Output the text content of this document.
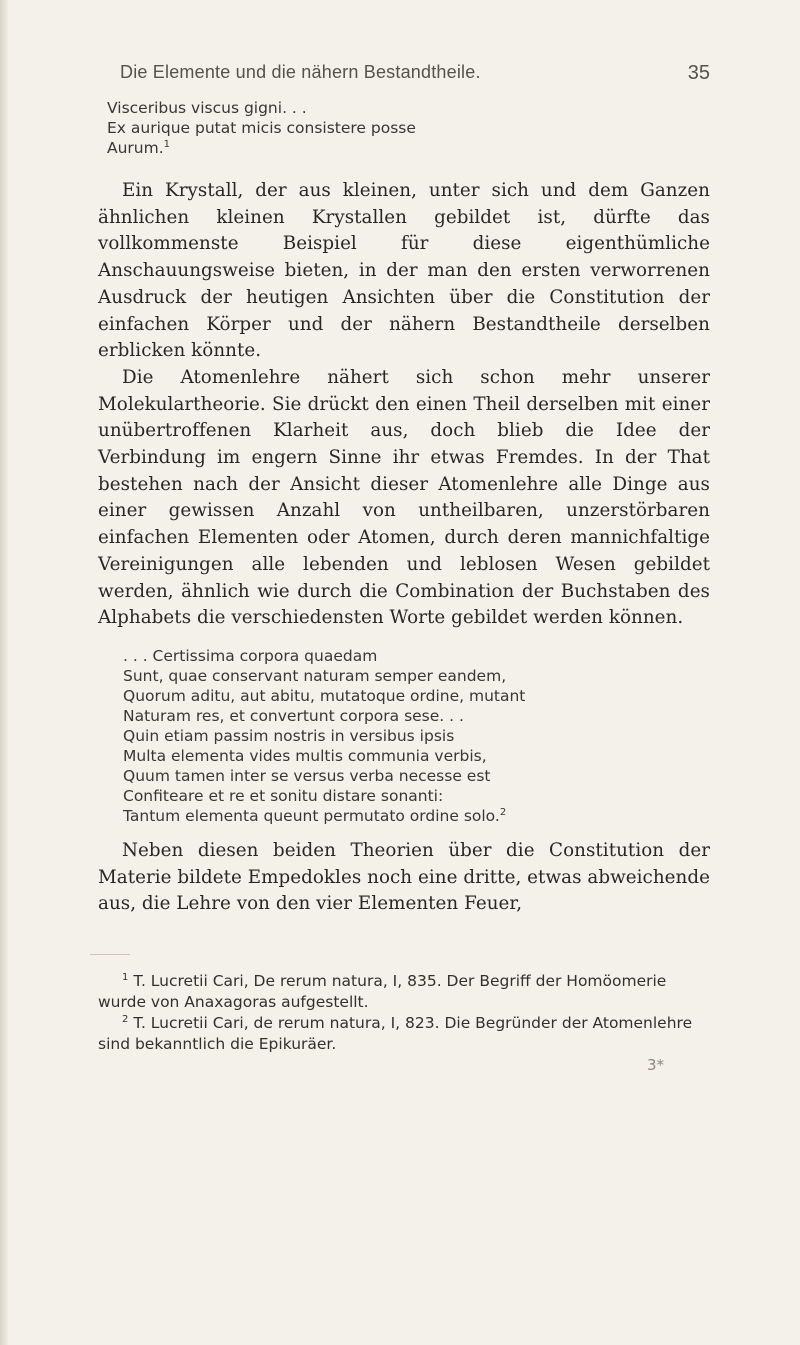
Die Elemente und die nähern Bestandtheile.	35
Visceribus viscus gigni. . .
Ex aurique putat micis consistere posse
Aurum.$^1$

Ein Krystall, der aus kleinen, unter sich und dem Ganzen ähnlichen kleinen Krystallen gebildet ist, dürfte das vollkommenste Beispiel für diese eigenthümliche Anschauungsweise bieten, in der man den ersten verworrenen Ausdruck der heutigen Ansichten über die Constitution der einfachen Körper und der nähern Bestandtheile derselben erblicken könnte.

Die Atomenlehre nähert sich schon mehr unserer Molekulartheorie. Sie drückt den einen Theil derselben mit einer unübertroffenen Klarheit aus, doch blieb die Idee der Verbindung im engern Sinne ihr etwas Fremdes. In der That bestehen nach der Ansicht dieser Atomenlehre alle Dinge aus einer gewissen Anzahl von untheilbaren, unzerstörbaren einfachen Elementen oder Atomen, durch deren mannichfaltige Vereinigungen alle lebenden und leblosen Wesen gebildet werden, ähnlich wie durch die Combination der Buchstaben des Alphabets die verschiedensten Worte gebildet werden können.

. . . Certissima corpora quaedam
Sunt, quae conservant naturam semper eandem,
Quorum aditu, aut abitu, mutatoque ordine, mutant
Naturam res, et convertunt corpora sese. . .
Quin etiam passim nostris in versibus ipsis
Multa elementa vides multis communia verbis,
Quum tamen inter se versus verba necesse est
Confiteare et re et sonitu distare sonanti:
Tantum elementa queunt permutato ordine solo.$^2$

Neben diesen beiden Theorien über die Constitution der Materie bildete Empedokles noch eine dritte, etwas abweichende aus, die Lehre von den vier Elementen Feuer,

$^1$ T. Lucretii Cari, De rerum natura, I, 835. Der Begriff der Homöomerie wurde von Anaxagoras aufgestellt.

$^2$ T. Lucretii Cari, de rerum natura, I, 823. Die Begründer der Atomenlehre sind bekanntlich die Epikuräer.

3*
